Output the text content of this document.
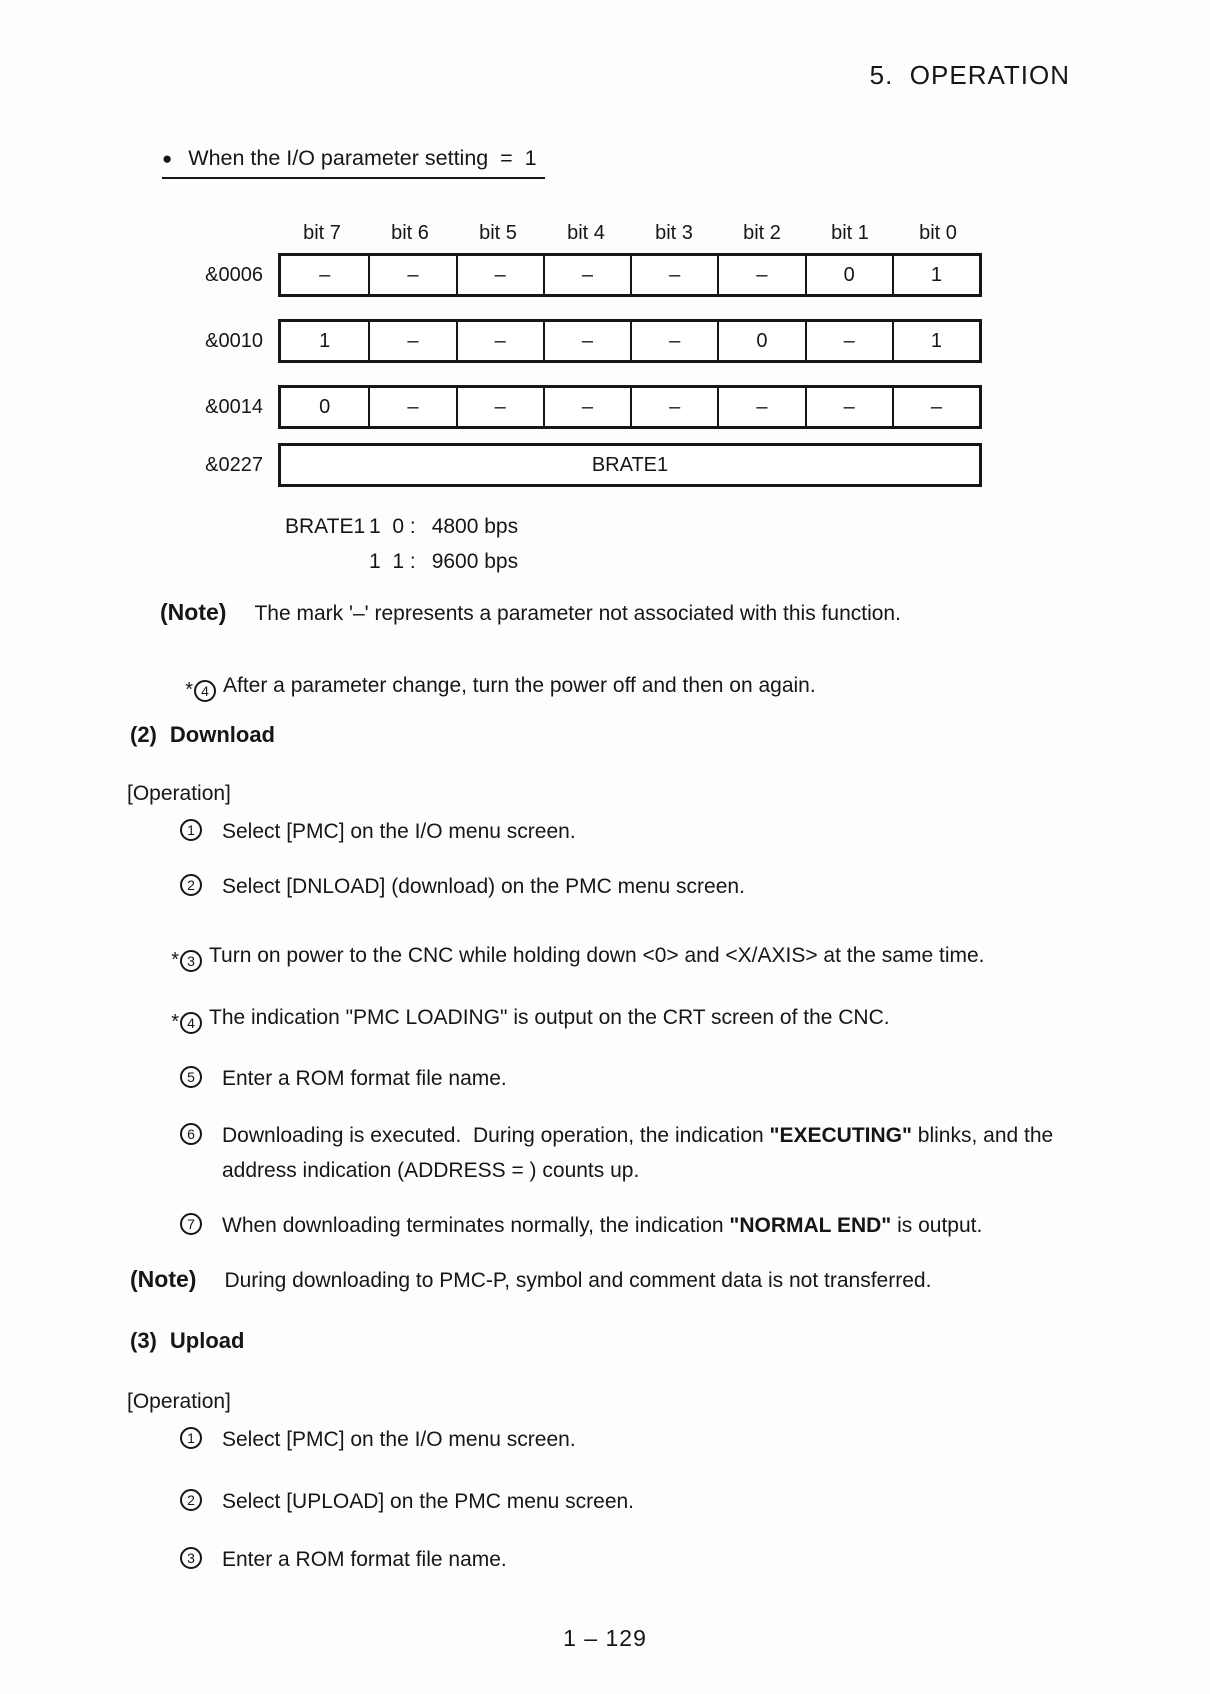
5.  OPERATION
● When the I/O parameter setting  =  1
bit 7	bit 6	bit 5	bit 4	bit 3	bit 2	bit 1	bit 0
&0006	–	–	–	–	–	–	0	1
&0010	1	–	–	–	–	0	–	1
&0014	0	–	–	–	–	–	–	–
&0227	BRATE1
BRATE1 1  0 : 4800 bps
1  1 : 9600 bps
(Note) The mark '–' represents a parameter not associated with this function.
* 4 After a parameter change, turn the power off and then on again.
(2) Download
[Operation]
1	Select [PMC] on the I/O menu screen.
2	Select [DNLOAD] (download) on the PMC menu screen.
* 3 Turn on power to the CNC while holding down <0> and <X/AXIS> at the same time.
* 4 The indication "PMC LOADING" is output on the CRT screen of the CNC.
5	Enter a ROM format file name.
6	Downloading is executed.  During operation, the indication "EXECUTING" blinks, and the address indication (ADDRESS = ) counts up.
7	When downloading terminates normally, the indication "NORMAL END" is output.
(Note) During downloading to PMC-P, symbol and comment data is not transferred.
(3) Upload
[Operation]
1	Select [PMC] on the I/O menu screen.
2	Select [UPLOAD] on the PMC menu screen.
3	Enter a ROM format file name.
1 – 129
